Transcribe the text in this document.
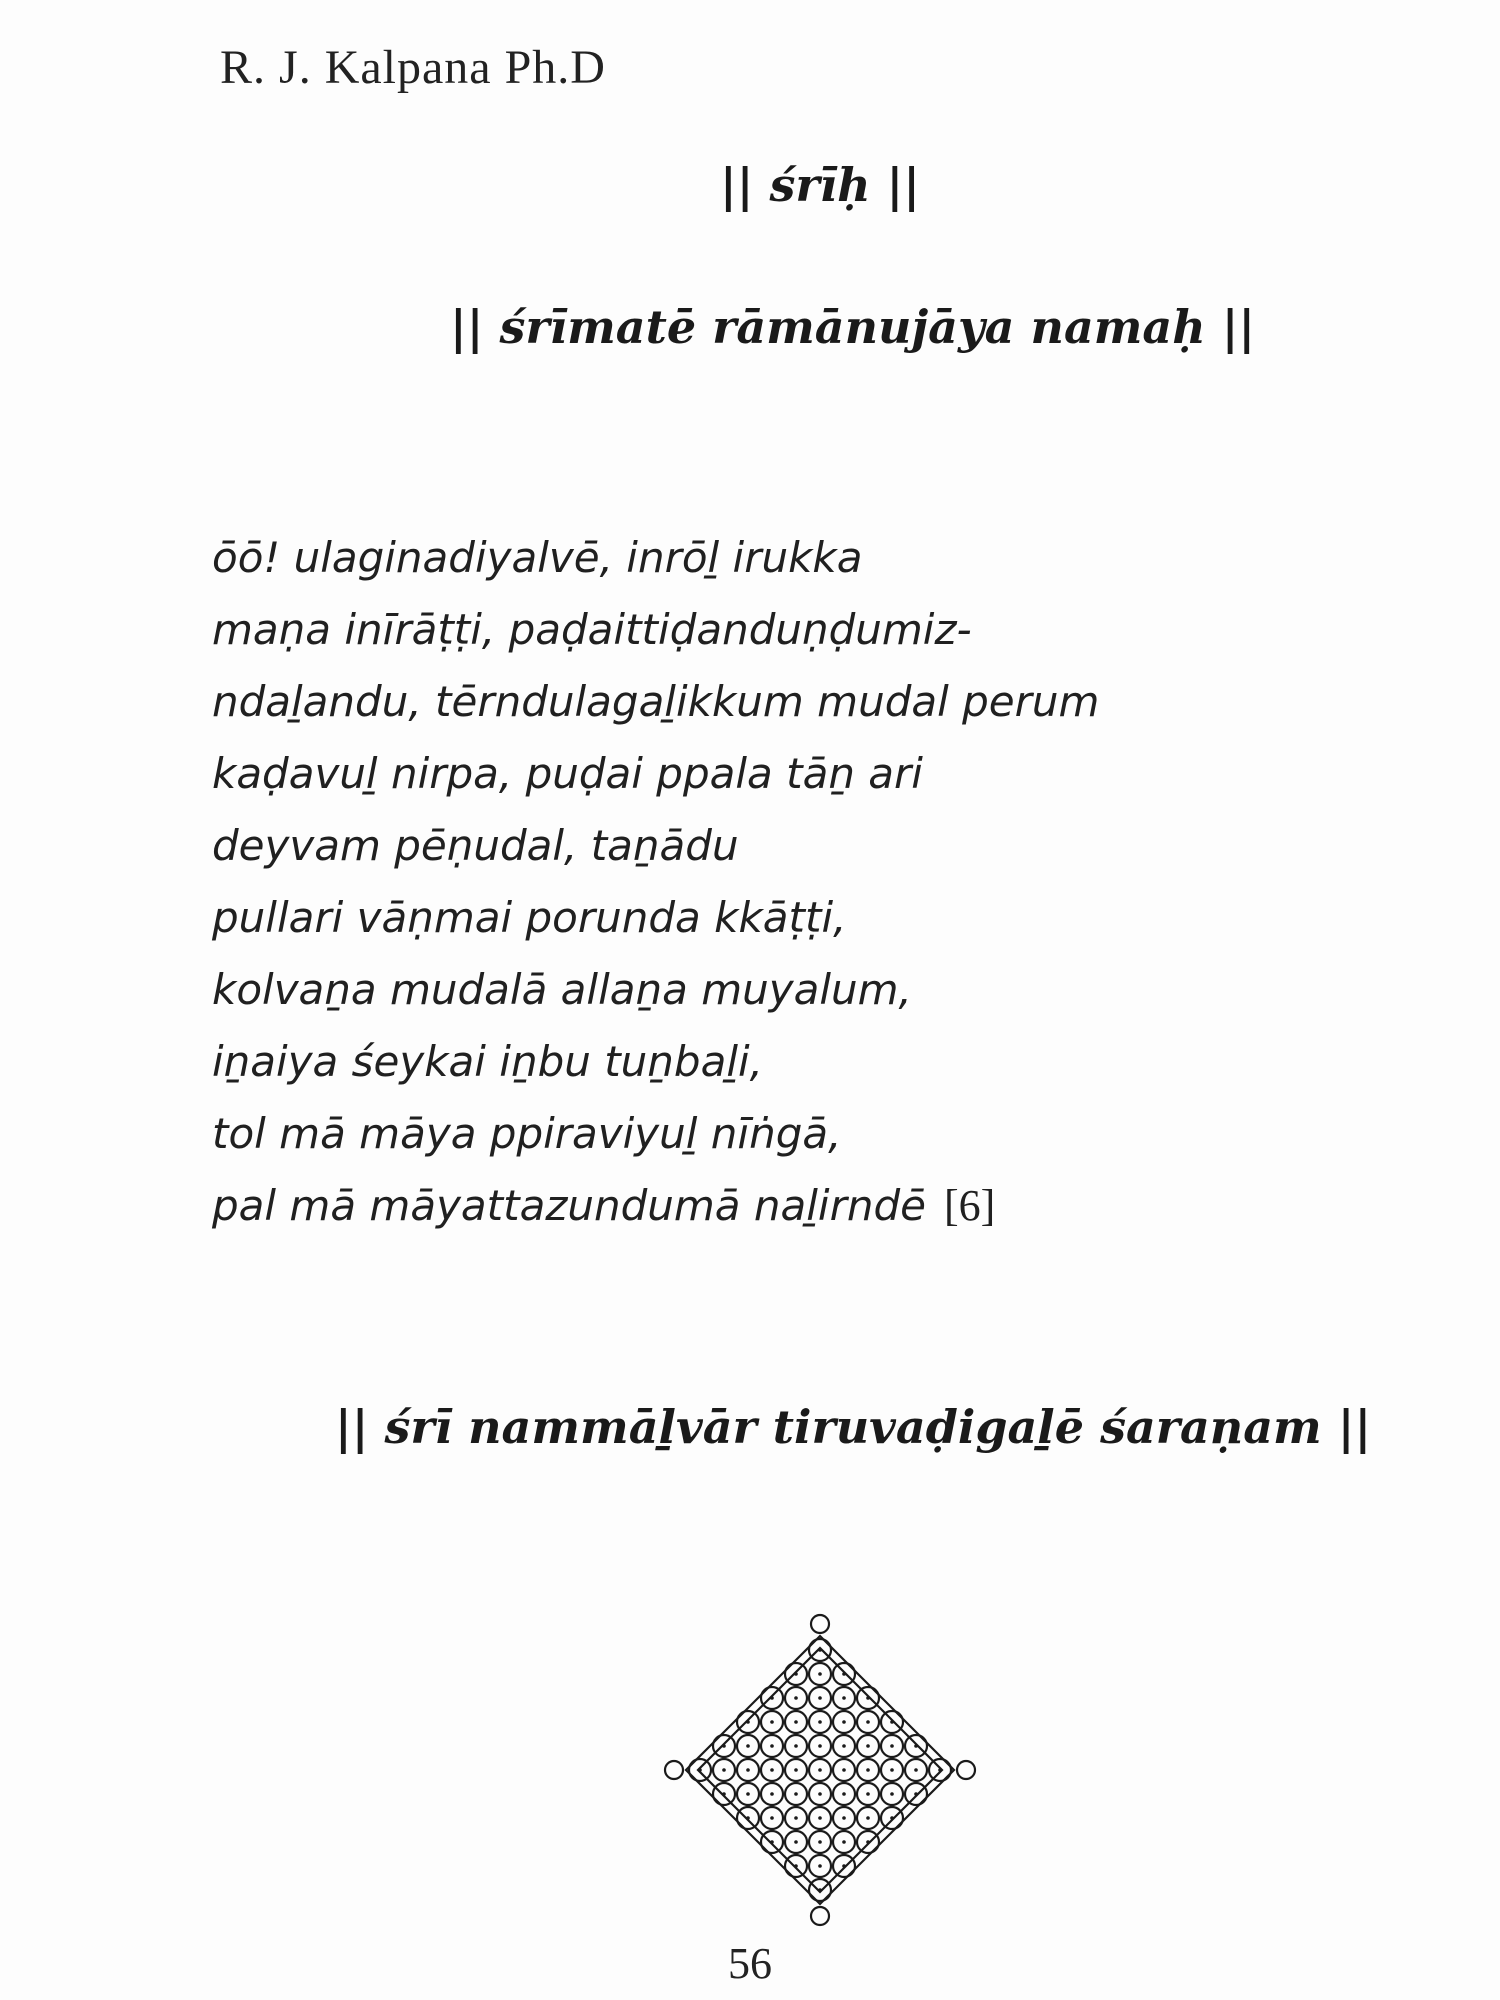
R. J. Kalpana Ph.D
|| śrīḥ ||
|| śrīmatē rāmānujāya namaḥ ||
ōō! ulaginadiyalvē, inrōḻ irukka
maṇa inīrāṭṭi, paḍaittiḍanduṇḍumiz-
ndaḻandu, tērndulagaḻikkum mudal perum
kaḍavuḻ nirpa, puḍai ppala tāṉ ari
deyvam pēṇudal, taṉādu
pullari vāṇmai porunda kkāṭṭi,
kolvaṉa mudalā allaṉa muyalum,
iṉaiya śeykai iṉbu tuṉbaḻi,
tol mā māya ppiraviyuḻ nīṅgā,
pal mā māyattazundumā naḻirndē [6]
|| śrī nammāḻvār tiruvaḍigaḻē śaraṇam ||
56
